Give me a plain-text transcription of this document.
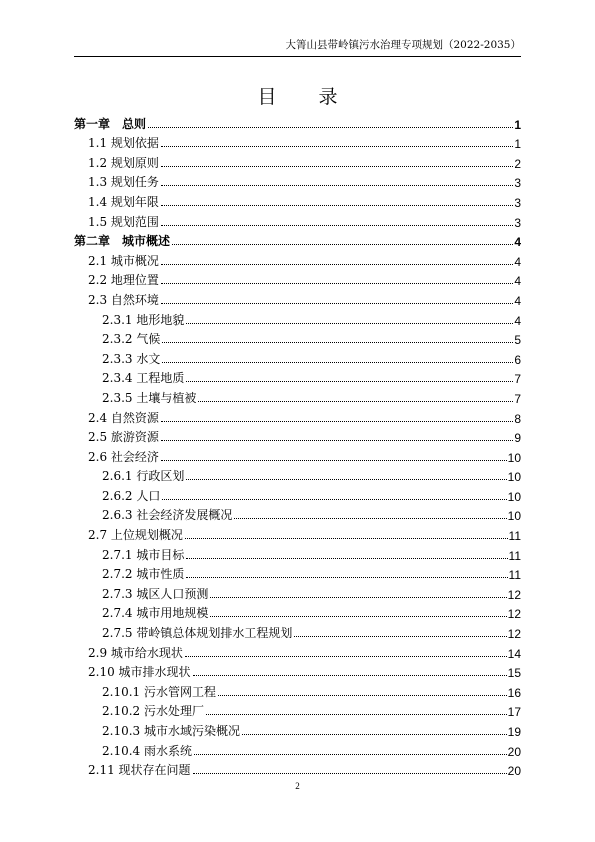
大箐山县带岭镇污水治理专项规划（2022-2035）
目 录
第一章　总则	1
1.1 规划依据	1
1.2 规划原则	2
1.3 规划任务	3
1.4 规划年限	3
1.5 规划范围	3
第二章　城市概述	4
2.1 城市概况	4
2.2 地理位置	4
2.3 自然环境	4
2.3.1 地形地貌	4
2.3.2 气候	5
2.3.3 水文	6
2.3.4 工程地质	7
2.3.5 土壤与植被	7
2.4 自然资源	8
2.5 旅游资源	9
2.6 社会经济	10
2.6.1 行政区划	10
2.6.2 人口	10
2.6.3 社会经济发展概况	10
2.7 上位规划概况	11
2.7.1 城市目标	11
2.7.2 城市性质	11
2.7.3 城区人口预测	12
2.7.4 城市用地规模	12
2.7.5 带岭镇总体规划排水工程规划	12
2.9 城市给水现状	14
2.10 城市排水现状	15
2.10.1 污水管网工程	16
2.10.2 污水处理厂	17
2.10.3 城市水域污染概况	19
2.10.4 雨水系统	20
2.11 现状存在问题	20
2
